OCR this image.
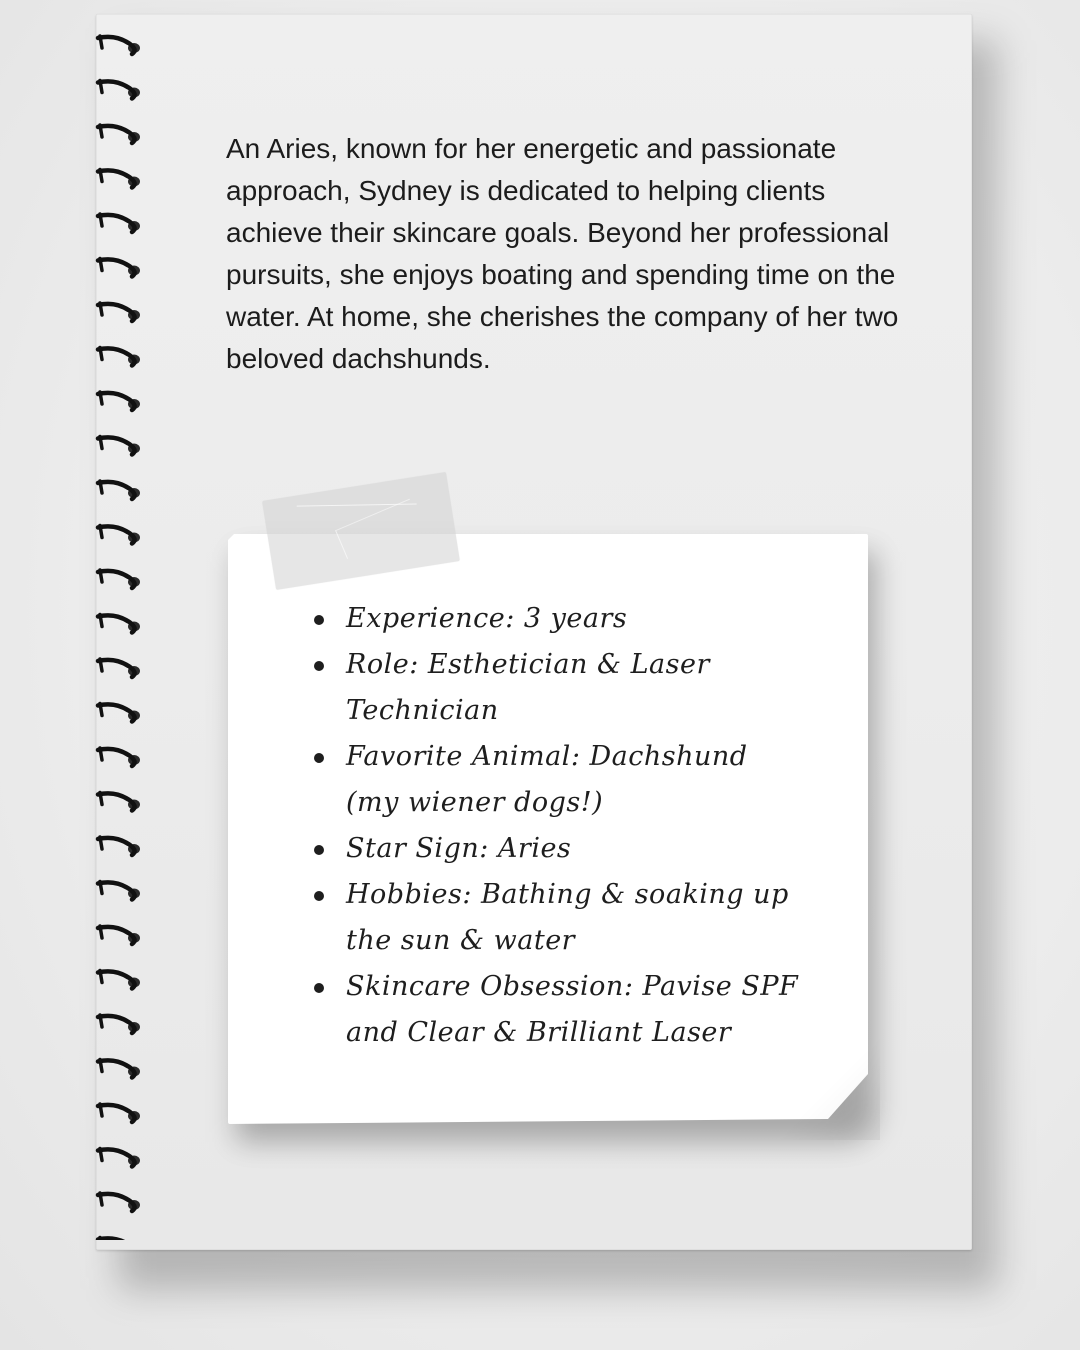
An Aries, known for her energetic and passionate approach, Sydney is dedicated to helping clients achieve their skincare goals. Beyond her professional pursuits, she enjoys boating and spending time on the water. At home, she cherishes the company of her two beloved dachshunds.

Experience: 3 years
Role: Esthetician & Laser Technician
Favorite Animal: Dachshund (my wiener dogs!)
Star Sign: Aries
Hobbies: Bathing & soaking up the sun & water
Skincare Obsession: Pavise SPF and Clear & Brilliant Laser
